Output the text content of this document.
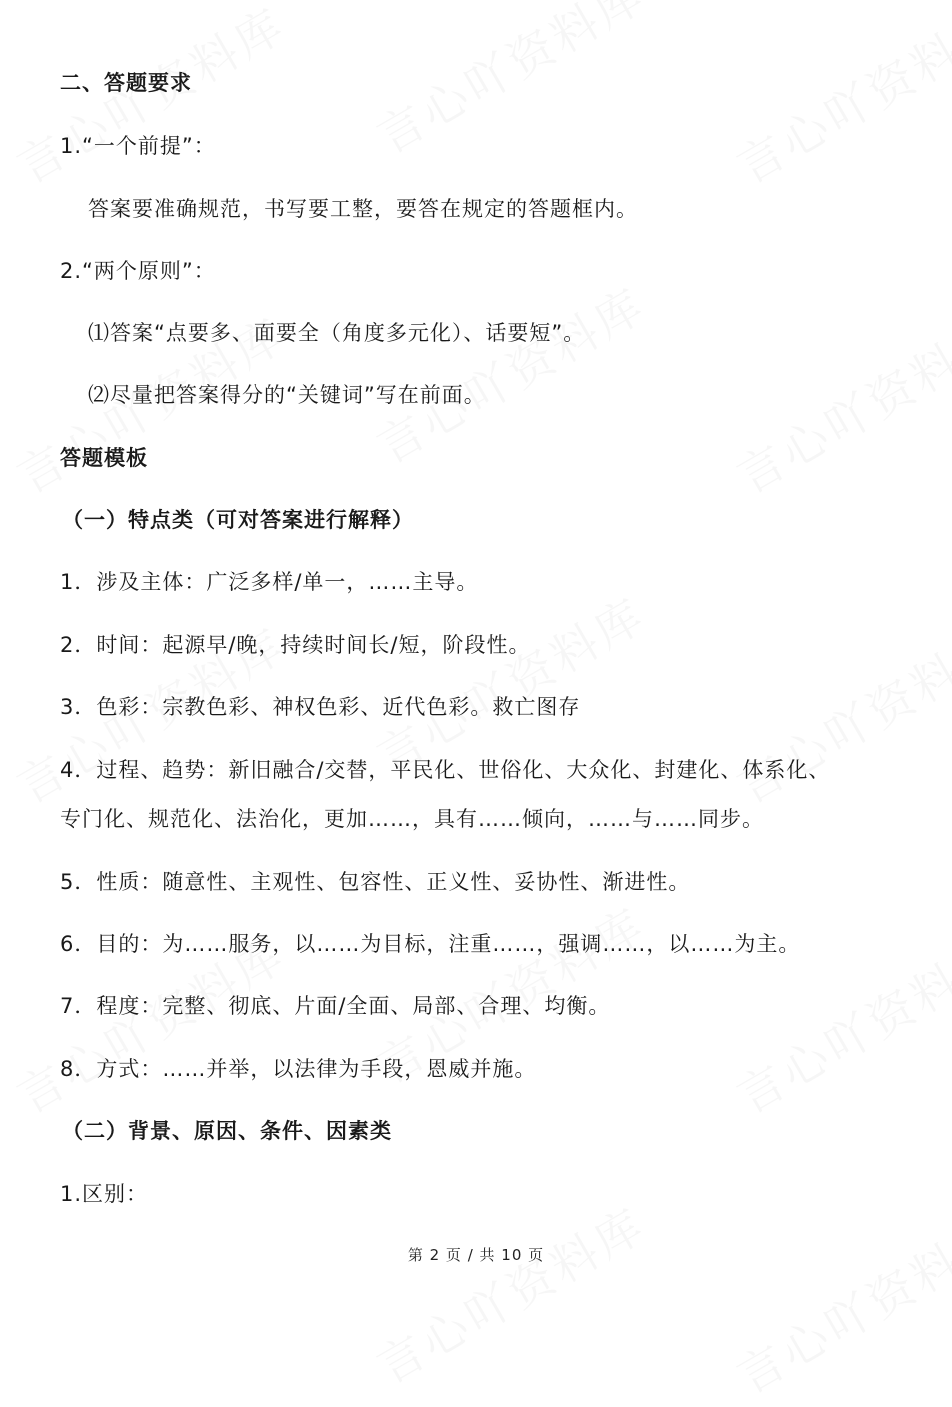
二、答题要求
1.“一个前提”：
答案要准确规范，书写要工整，要答在规定的答题框内。
2.“两个原则”：
⑴答案“点要多、面要全（角度多元化）、话要短”。
⑵尽量把答案得分的“关键词”写在前面。
答题模板
（一）特点类（可对答案进行解释）
1．涉及主体：广泛多样/单一，……主导。
2．时间：起源早/晚，持续时间长/短，阶段性。
3．色彩：宗教色彩、神权色彩、近代色彩。救亡图存
4．过程、趋势：新旧融合/交替，平民化、世俗化、大众化、封建化、体系化、
专门化、规范化、法治化，更加……，具有……倾向，……与……同步。
5．性质：随意性、主观性、包容性、正义性、妥协性、渐进性。
6．目的：为……服务，以……为目标，注重……，强调……，以……为主。
7．程度：完整、彻底、片面/全面、局部、合理、均衡。
8．方式：……并举，以法律为手段，恩威并施。
（二）背景、原因、条件、因素类
1.区别：
第 2 页 / 共 10 页
